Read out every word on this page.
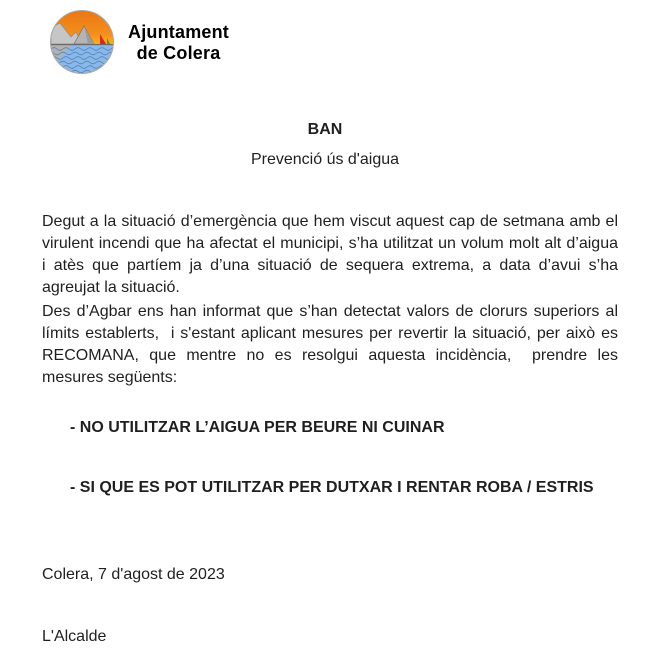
Ajuntament
de Colera
BAN
Prevenció ús d'aigua
Degut a la situació d’emergència que hem viscut aquest cap de setmana amb el
virulent incendi que ha afectat el municipi, s’ha utilitzat un volum molt alt d’aigua
i atès que partíem ja d’una situació de sequera extrema, a data d’avui s’ha
agreujat la situació.
Des d’Agbar ens han informat que s’han detectat valors de clorurs superiors al
límits establerts,  i s'estant aplicant mesures per revertir la situació, per això es
RECOMANA, que mentre no es resolgui aquesta incidència,  prendre les
mesures següents:
- NO UTILITZAR L’AIGUA PER BEURE NI CUINAR
- SI QUE ES POT UTILITZAR PER DUTXAR I RENTAR ROBA / ESTRIS
Colera, 7 d'agost de 2023
L'Alcalde
